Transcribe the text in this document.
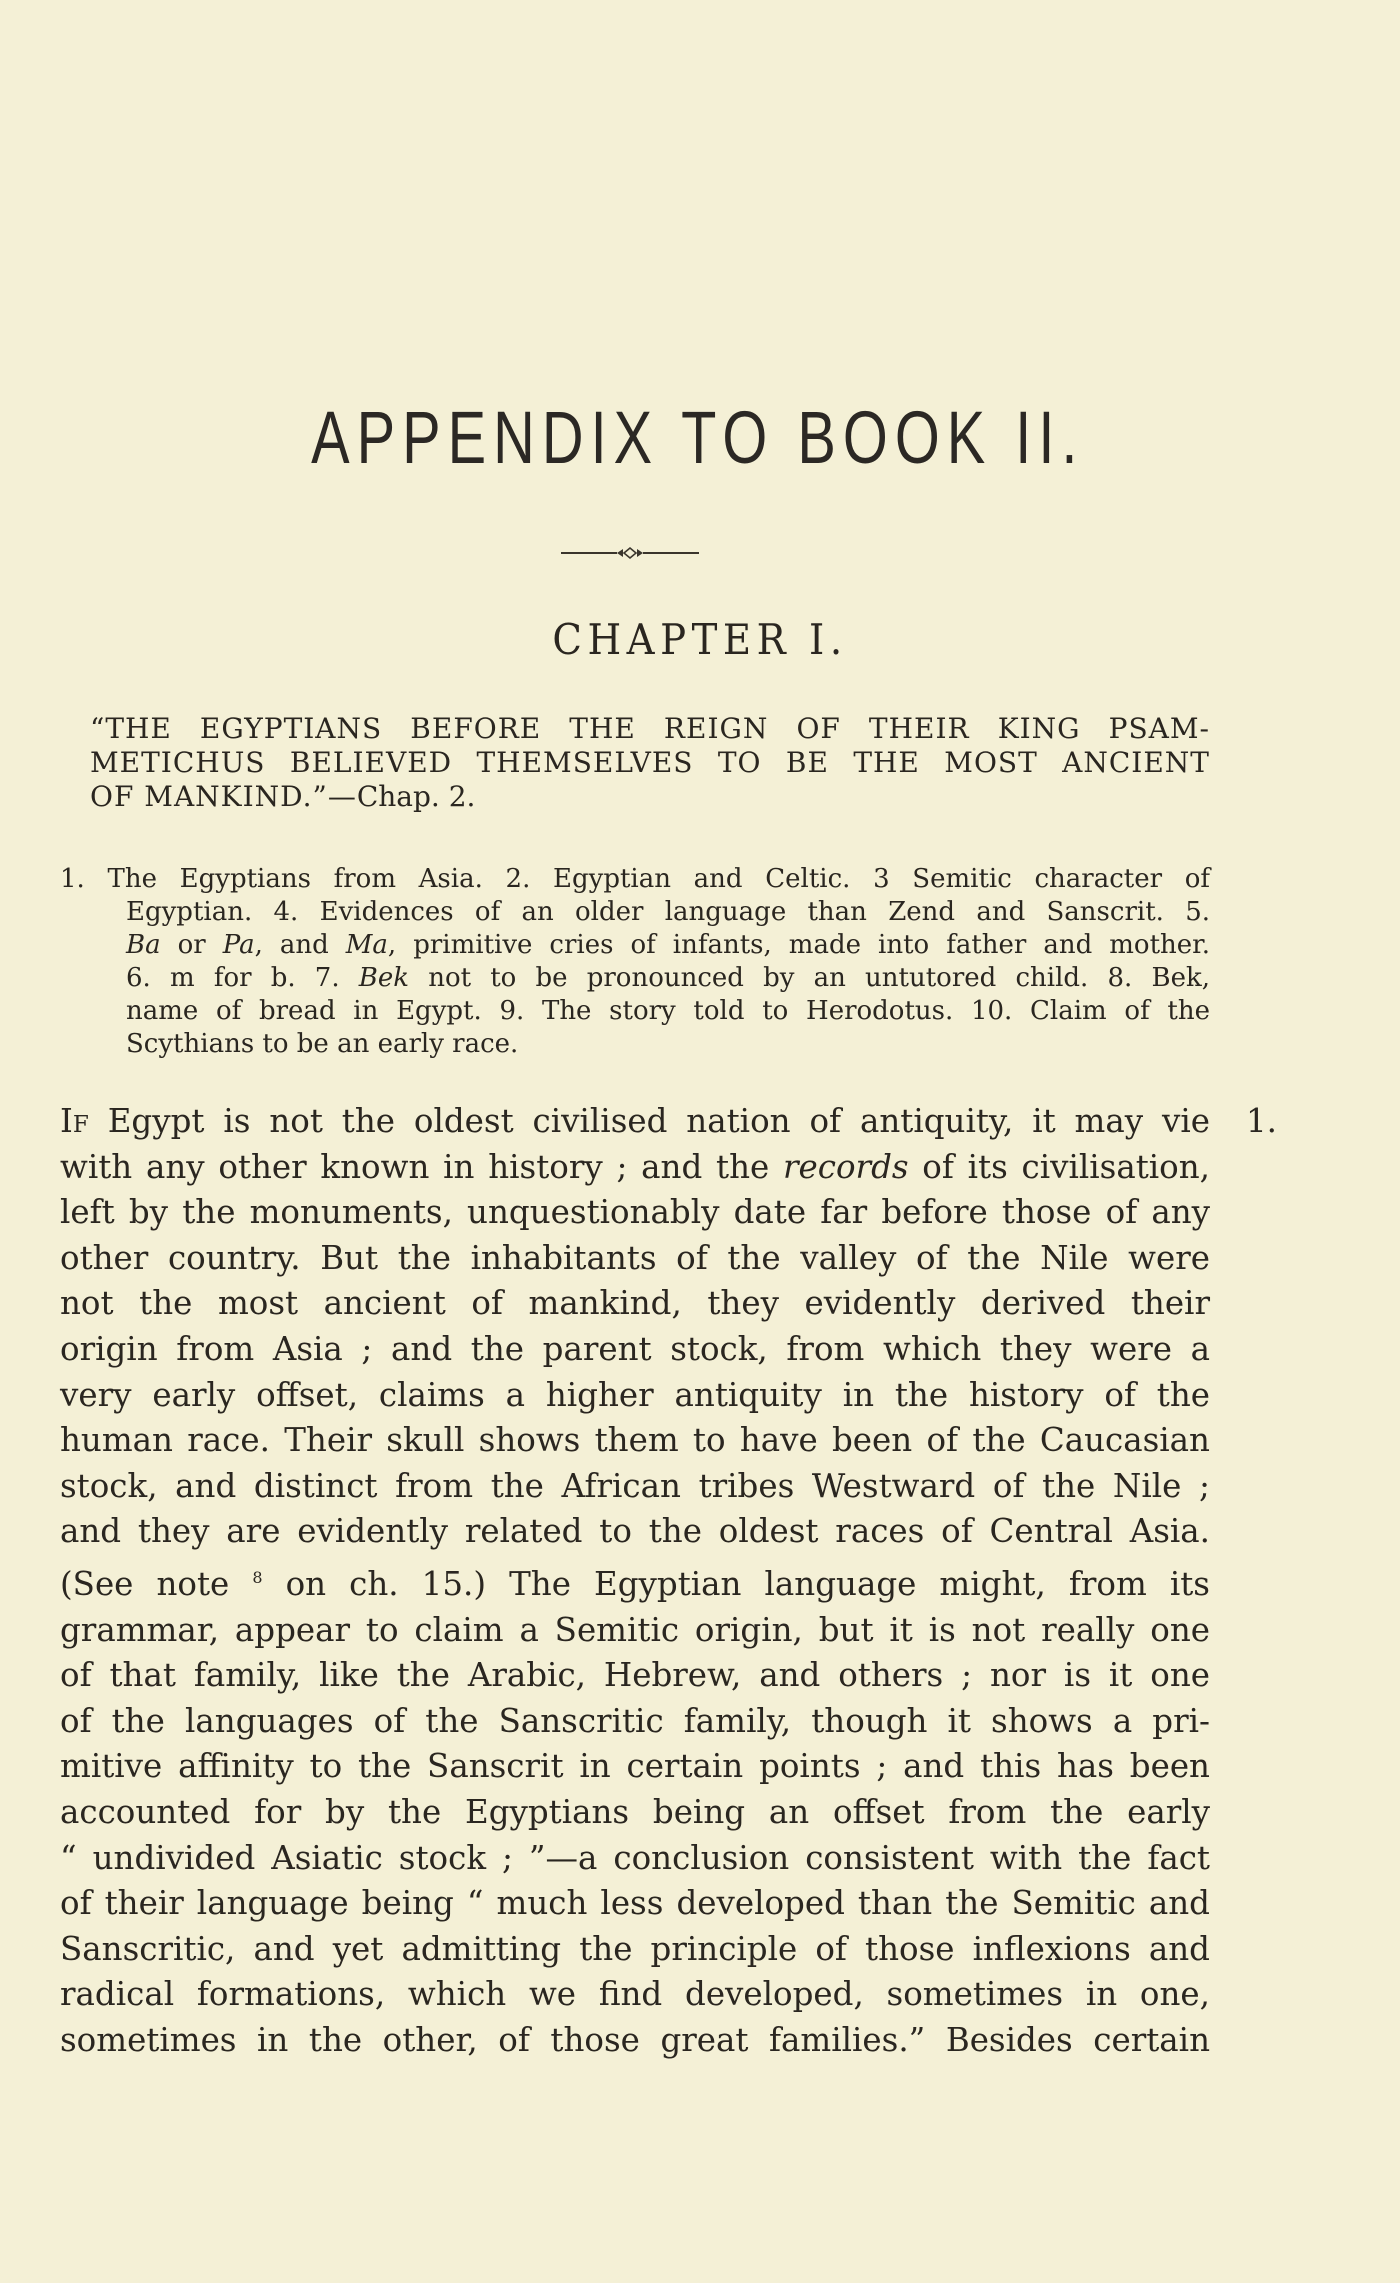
APPENDIX TO BOOK II.
CHAPTER I.
“THE EGYPTIANS BEFORE THE REIGN OF THEIR KING PSAM-
METICHUS BELIEVED THEMSELVES TO BE THE MOST ANCIENT
OF MANKIND.”—Chap. 2.
1. The Egyptians from Asia. 2. Egyptian and Celtic. 3 Semitic character of
Egyptian. 4. Evidences of an older language than Zend and Sanscrit. 5.
Ba or Pa, and Ma, primitive cries of infants, made into father and mother.
6. m for b. 7. Bek not to be pronounced by an untutored child. 8. Bek,
name of bread in Egypt. 9. The story told to Herodotus. 10. Claim of the
Scythians to be an early race.
1.
If Egypt is not the oldest civilised nation of antiquity, it may vie
with any other known in history ; and the records of its civilisation,
left by the monuments, unquestionably date far before those of any
other country. But the inhabitants of the valley of the Nile were
not the most ancient of mankind, they evidently derived their
origin from Asia ; and the parent stock, from which they were a
very early offset, claims a higher antiquity in the history of the
human race. Their skull shows them to have been of the Caucasian
stock, and distinct from the African tribes Westward of the Nile ;
and they are evidently related to the oldest races of Central Asia.
(See note $^8$ on ch. 15.) The Egyptian language might, from its
grammar, appear to claim a Semitic origin, but it is not really one
of that family, like the Arabic, Hebrew, and others ; nor is it one
of the languages of the Sanscritic family, though it shows a pri-
mitive affinity to the Sanscrit in certain points ; and this has been
accounted for by the Egyptians being an offset from the early
“ undivided Asiatic stock ; ”—a conclusion consistent with the fact
of their language being “ much less developed than the Semitic and
Sanscritic, and yet admitting the principle of those inflexions and
radical formations, which we find developed, sometimes in one,
sometimes in the other, of those great families.” Besides certain
